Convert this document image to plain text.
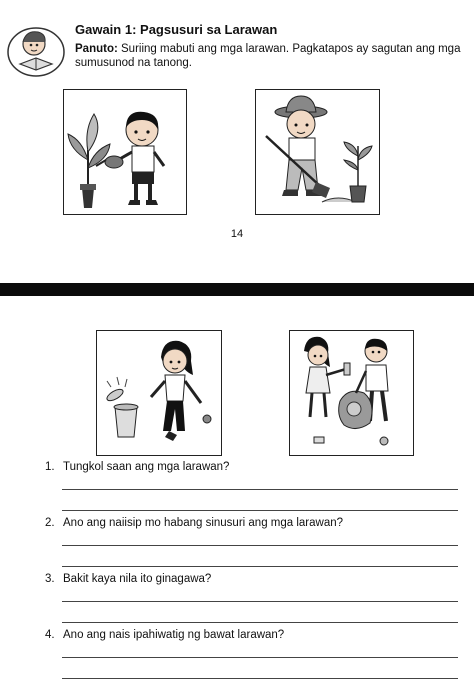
Gawain 1: Pagsusuri sa Larawan
Panuto: Suriing mabuti ang mga larawan. Pagkatapos ay sagutan ang mga sumusunod na tanong.
14
1. Tungkol saan ang mga larawan?
2. Ano ang naiisip mo habang sinusuri ang mga larawan?
3. Bakit kaya nila ito ginagawa?
4. Ano ang nais ipahiwatig ng bawat larawan?
